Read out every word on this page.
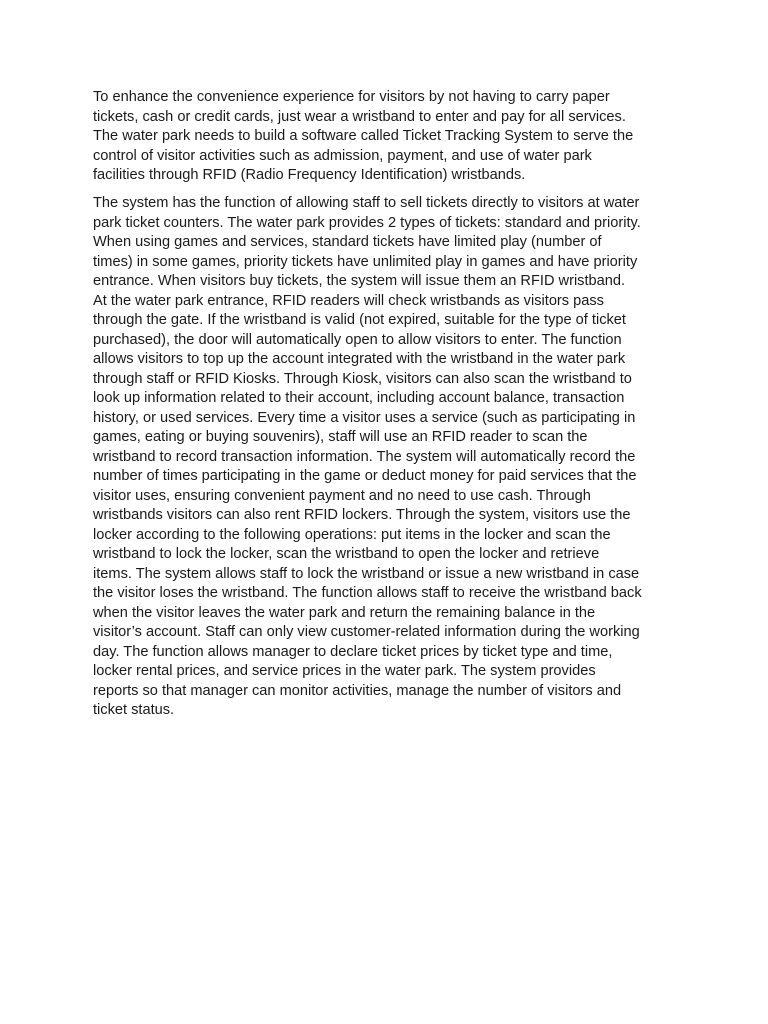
To enhance the convenience experience for visitors by not having to carry paper
tickets, cash or credit cards, just wear a wristband to enter and pay for all services.
The water park needs to build a software called Ticket Tracking System to serve the
control of visitor activities such as admission, payment, and use of water park
facilities through RFID (Radio Frequency Identification) wristbands.
The system has the function of allowing staff to sell tickets directly to visitors at water
park ticket counters. The water park provides 2 types of tickets: standard and priority.
When using games and services, standard tickets have limited play (number of
times) in some games, priority tickets have unlimited play in games and have priority
entrance. When visitors buy tickets, the system will issue them an RFID wristband.
At the water park entrance, RFID readers will check wristbands as visitors pass
through the gate. If the wristband is valid (not expired, suitable for the type of ticket
purchased), the door will automatically open to allow visitors to enter. The function
allows visitors to top up the account integrated with the wristband in the water park
through staff or RFID Kiosks. Through Kiosk, visitors can also scan the wristband to
look up information related to their account, including account balance, transaction
history, or used services. Every time a visitor uses a service (such as participating in
games, eating or buying souvenirs), staff will use an RFID reader to scan the
wristband to record transaction information. The system will automatically record the
number of times participating in the game or deduct money for paid services that the
visitor uses, ensuring convenient payment and no need to use cash. Through
wristbands visitors can also rent RFID lockers. Through the system, visitors use the
locker according to the following operations: put items in the locker and scan the
wristband to lock the locker, scan the wristband to open the locker and retrieve
items. The system allows staff to lock the wristband or issue a new wristband in case
the visitor loses the wristband. The function allows staff to receive the wristband back
when the visitor leaves the water park and return the remaining balance in the
visitor’s account. Staff can only view customer-related information during the working
day. The function allows manager to declare ticket prices by ticket type and time,
locker rental prices, and service prices in the water park. The system provides
reports so that manager can monitor activities, manage the number of visitors and
ticket status.
